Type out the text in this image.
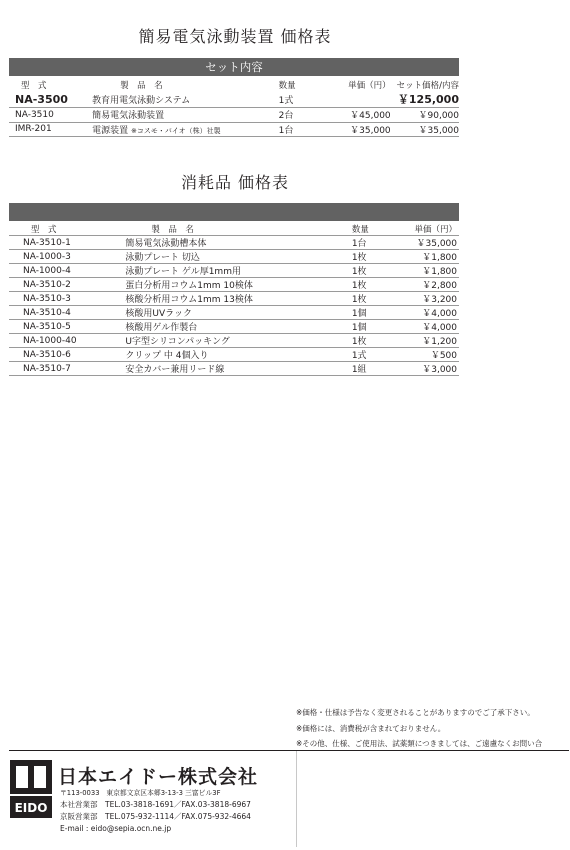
簡易電気泳動装置 価格表
セット内容
型　式	製　品　名	数量	単価（円）	セット価格/内容
NA-3500	教育用電気泳動システム	1式		￥125,000
NA-3510	簡易電気泳動装置	2台	￥45,000	￥90,000
IMR-201	電源装置 ※コスモ・バイオ（株）社製	1台	￥35,000	￥35,000
消耗品 価格表
型　式	製　品　名	数量	単価（円）
NA-3510-1	簡易電気泳動槽本体	1台	￥35,000
NA-1000-3	泳動プレート 切込	1枚	￥1,800
NA-1000-4	泳動プレート ゲル厚1mm用	1枚	￥1,800
NA-3510-2	蛋白分析用コウム1mm 10検体	1枚	￥2,800
NA-3510-3	核酸分析用コウム1mm 13検体	1枚	￥3,200
NA-3510-4	核酸用UVラック	1個	￥4,000
NA-3510-5	核酸用ゲル作製台	1個	￥4,000
NA-1000-40	U字型シリコンパッキング	1枚	￥1,200
NA-3510-6	クリップ 中 4個入り	1式	￥500
NA-3510-7	安全カバー兼用リード線	1組	￥3,000
※価格・仕様は予告なく変更されることがありますのでご了承下さい。
※価格には、消費税が含まれておりません。
※その他、仕様、ご使用法、試薬類につきましては、ご遠慮なくお問い合
EIDO
日本エイドー株式会社
〒113-0033　東京都文京区本郷3-13-3 三富ビル3F
本社営業部　TEL.03-3818-1691／FAX.03-3818-6967
京阪営業部　TEL.075-932-1114／FAX.075-932-4664
E-mail : eido@sepia.ocn.ne.jp
